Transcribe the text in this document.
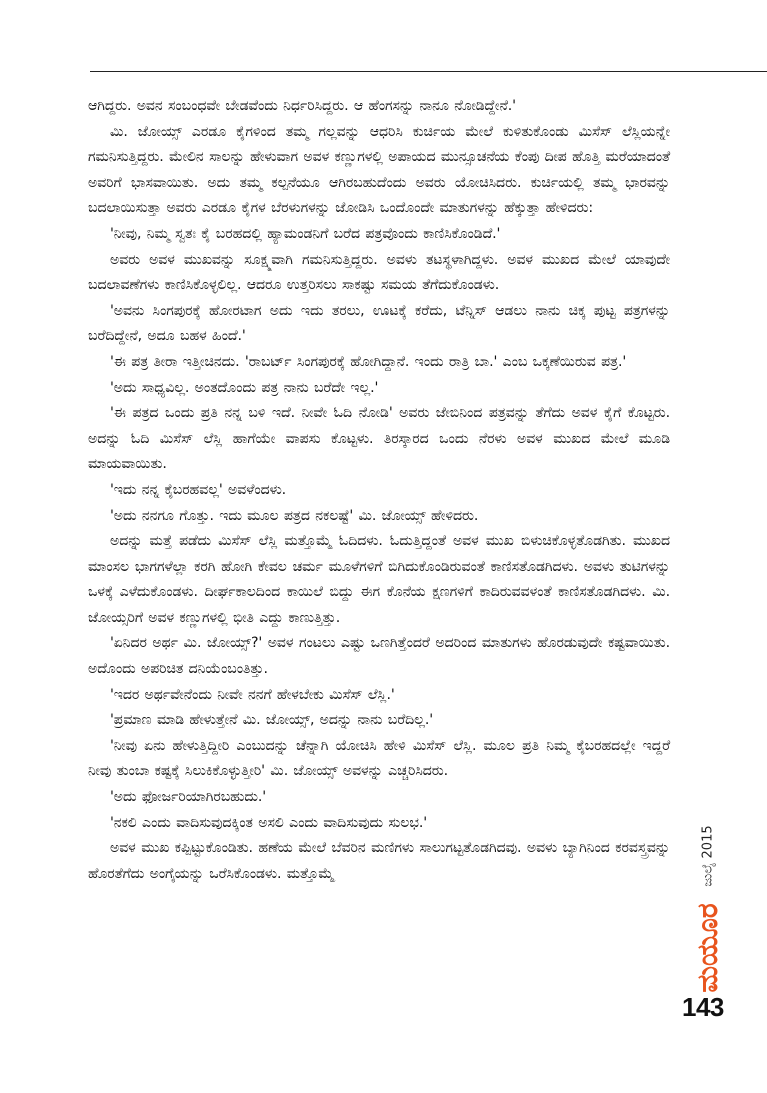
ಆಗಿದ್ದರು. ಅವನ ಸಂಬಂಧವೇ ಬೇಡವೆಂದು ನಿರ್ಧರಿಸಿದ್ದರು. ಆ ಹೆಂಗಸನ್ನು ನಾನೂ ನೋಡಿದ್ದೇನೆ.'

ಮಿ. ಜೋಯ್ಸ್ ಎರಡೂ ಕೈಗಳಿಂದ ತಮ್ಮ ಗಲ್ಲವನ್ನು ಆಧರಿಸಿ ಕುರ್ಚಿಯ ಮೇಲೆ ಕುಳಿತುಕೊಂಡು ಮಿಸೆಸ್ ಲೆಸ್ಲಿಯನ್ನೇ ಗಮನಿಸುತ್ತಿದ್ದರು. ಮೇಲಿನ ಸಾಲನ್ನು ಹೇಳುವಾಗ ಅವಳ ಕಣ್ಣುಗಳಲ್ಲಿ ಅಪಾಯದ ಮುನ್ಸೂಚನೆಯ ಕೆಂಪು ದೀಪ ಹೊತ್ತಿ ಮರೆಯಾದಂತೆ ಅವರಿಗೆ ಭಾಸವಾಯಿತು. ಅದು ತಮ್ಮ ಕಲ್ಪನೆಯೂ ಆಗಿರಬಹುದೆಂದು ಅವರು ಯೋಚಿಸಿದರು. ಕುರ್ಚಿಯಲ್ಲಿ ತಮ್ಮ ಭಾರವನ್ನು ಬದಲಾಯಿಸುತ್ತಾ ಅವರು ಎರಡೂ ಕೈಗಳ ಬೆರಳುಗಳನ್ನು ಜೋಡಿಸಿ ಒಂದೊಂದೇ ಮಾತುಗಳನ್ನು ಹೆಕ್ಕುತ್ತಾ ಹೇಳಿದರು:

'ನೀವು, ನಿಮ್ಮ ಸ್ವತಃ ಕೈ ಬರಹದಲ್ಲಿ ಹ್ಯಾಮಂಡನಿಗೆ ಬರೆದ ಪತ್ರವೊಂದು ಕಾಣಿಸಿಕೊಂಡಿದೆ.'

ಅವರು ಅವಳ ಮುಖವನ್ನು ಸೂಕ್ಷ್ಮವಾಗಿ ಗಮನಿಸುತ್ತಿದ್ದರು. ಅವಳು ತಟಸ್ಥಳಾಗಿದ್ದಳು. ಅವಳ ಮುಖದ ಮೇಲೆ ಯಾವುದೇ ಬದಲಾವಣೆಗಳು ಕಾಣಿಸಿಕೊಳ್ಳಲಿಲ್ಲ. ಆದರೂ ಉತ್ತರಿಸಲು ಸಾಕಷ್ಟು ಸಮಯ ತೆಗೆದುಕೊಂಡಳು.

'ಅವನು ಸಿಂಗಪುರಕ್ಕೆ ಹೋರಟಾಗ ಅದು ಇದು ತರಲು, ಊಟಕ್ಕೆ ಕರೆದು, ಟೆನ್ನಿಸ್ ಆಡಲು ನಾನು ಚಿಕ್ಕ ಪುಟ್ಟ ಪತ್ರಗಳನ್ನು ಬರೆದಿದ್ದೇನೆ, ಅದೂ ಬಹಳ ಹಿಂದೆ.'

'ಈ ಪತ್ರ ತೀರಾ ಇತ್ತೀಚಿನದು. 'ರಾಬರ್ಟ್ ಸಿಂಗಪುರಕ್ಕೆ ಹೋಗಿದ್ದಾನೆ. ಇಂದು ರಾತ್ರಿ ಬಾ.' ಎಂಬ ಒಕ್ಕಣೆಯಿರುವ ಪತ್ರ.'

'ಅದು ಸಾಧ್ಯವಿಲ್ಲ. ಅಂತದೊಂದು ಪತ್ರ ನಾನು ಬರೆದೇ ಇಲ್ಲ.'

'ಈ ಪತ್ರದ ಒಂದು ಪ್ರತಿ ನನ್ನ ಬಳಿ ಇದೆ. ನೀವೇ ಓದಿ ನೋಡಿ' ಅವರು ಜೇಬಿನಿಂದ ಪತ್ರವನ್ನು ತೆಗೆದು ಅವಳ ಕೈಗೆ ಕೊಟ್ಟರು. ಅದನ್ನು ಓದಿ ಮಿಸೆಸ್ ಲೆಸ್ಲಿ ಹಾಗೆಯೇ ವಾಪಸು ಕೊಟ್ಟಳು. ತಿರಸ್ಕಾರದ ಒಂದು ನೆರಳು ಅವಳ ಮುಖದ ಮೇಲೆ ಮೂಡಿ ಮಾಯವಾಯಿತು.

'ಇದು ನನ್ನ ಕೈಬರಹವಲ್ಲ' ಅವಳೆಂದಳು.

'ಅದು ನನಗೂ ಗೊತ್ತು. ಇದು ಮೂಲ ಪತ್ರದ ನಕಲಷ್ಟೆ' ಮಿ. ಜೋಯ್ಸ್ ಹೇಳಿದರು.

ಅದನ್ನು ಮತ್ತೆ ಪಡೆದು ಮಿಸೆಸ್ ಲೆಸ್ಲಿ ಮತ್ತೊಮ್ಮೆ ಓದಿದಳು. ಓದುತ್ತಿದ್ದಂತೆ ಅವಳ ಮುಖ ಬಿಳುಚಿಕೊಳ್ಳತೊಡಗಿತು. ಮುಖದ ಮಾಂಸಲ ಭಾಗಗಳೆಲ್ಲಾ ಕರಗಿ ಹೋಗಿ ಕೇವಲ ಚರ್ಮ ಮೂಳೆಗಳಿಗೆ ಬಿಗಿದುಕೊಂಡಿರುವಂತೆ ಕಾಣಿಸತೊಡಗಿದಳು. ಅವಳು ತುಟಿಗಳನ್ನು ಒಳಕ್ಕೆ ಎಳೆದುಕೊಂಡಳು. ದೀರ್ಘಕಾಲದಿಂದ ಕಾಯಿಲೆ ಬಿದ್ದು ಈಗ ಕೊನೆಯ ಕ್ಷಣಗಳಿಗೆ ಕಾದಿರುವವಳಂತೆ ಕಾಣಿಸತೊಡಗಿದಳು. ಮಿ. ಜೋಯ್ಸರಿಗೆ ಅವಳ ಕಣ್ಣುಗಳಲ್ಲಿ ಭೀತಿ ಎದ್ದು ಕಾಣುತ್ತಿತ್ತು.

'ಏನಿದರ ಅರ್ಥ ಮಿ. ಜೋಯ್ಸ್?' ಅವಳ ಗಂಟಲು ಎಷ್ಟು ಒಣಗಿತ್ತೆಂದರೆ ಅದರಿಂದ ಮಾತುಗಳು ಹೊರಡುವುದೇ ಕಷ್ಟವಾಯಿತು. ಅದೊಂದು ಅಪರಿಚಿತ ದನಿಯೆಂಬಂತಿತ್ತು.

'ಇದರ ಅರ್ಥವೇನೆಂದು ನೀವೇ ನನಗೆ ಹೇಳಬೇಕು ಮಿಸೆಸ್ ಲೆಸ್ಲಿ.'

'ಪ್ರಮಾಣ ಮಾಡಿ ಹೇಳುತ್ತೇನೆ ಮಿ. ಜೋಯ್ಸ್, ಅದನ್ನು ನಾನು ಬರೆದಿಲ್ಲ.'

'ನೀವು ಏನು ಹೇಳುತ್ತಿದ್ದೀರಿ ಎಂಬುದನ್ನು ಚೆನ್ನಾಗಿ ಯೋಚಿಸಿ ಹೇಳಿ ಮಿಸೆಸ್ ಲೆಸ್ಲಿ. ಮೂಲ ಪ್ರತಿ ನಿಮ್ಮ ಕೈಬರಹದಲ್ಲೇ ಇದ್ದರೆ ನೀವು ತುಂಬಾ ಕಷ್ಟಕ್ಕೆ ಸಿಲುಕಿಕೊಳ್ಳುತ್ತೀರಿ' ಮಿ. ಜೋಯ್ಸ್ ಅವಳನ್ನು ಎಚ್ಚರಿಸಿದರು.

'ಅದು ಫೋರ್ಜರಿಯಾಗಿರಬಹುದು.'

'ನಕಲಿ ಎಂದು ವಾದಿಸುವುದಕ್ಕಿಂತ ಅಸಲಿ ಎಂದು ವಾದಿಸುವುದು ಸುಲಭ.'

ಅವಳ ಮುಖ ಕಪ್ಪಿಟ್ಟುಕೊಂಡಿತು. ಹಣೆಯ ಮೇಲೆ ಬೆವರಿನ ಮಣಿಗಳು ಸಾಲುಗಟ್ಟತೊಡಗಿದವು. ಅವಳು ಬ್ಯಾಗಿನಿಂದ ಕರವಸ್ತ್ರವನ್ನು ಹೊರತೆಗೆದು ಅಂಗೈಯನ್ನು ಒರೆಸಿಕೊಂಡಳು. ಮತ್ತೊಮ್ಮೆ	ಜುಲೈ 2015
ಮಯೂರ
143
